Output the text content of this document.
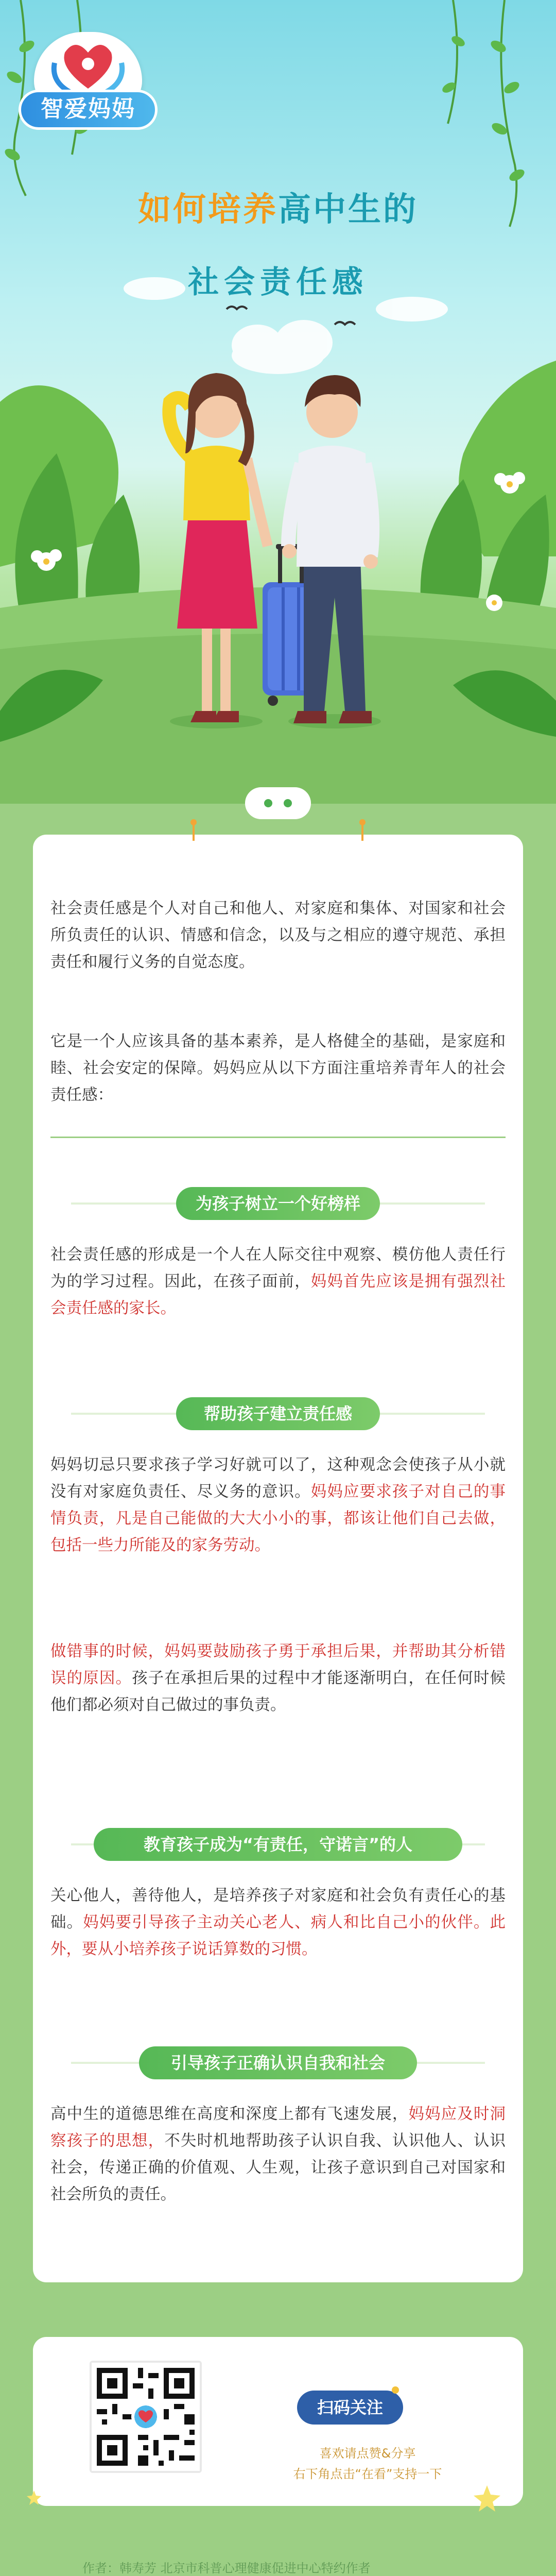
智爱妈妈
如何培养高中生的
社会责任感

社会责任感是个人对自己和他人、对家庭和集体、对国家和社会所负责任的认识、情感和信念，以及与之相应的遵守规范、承担责任和履行义务的自觉态度。

它是一个人应该具备的基本素养，是人格健全的基础，是家庭和睦、社会安定的保障。妈妈应从以下方面注重培养青年人的社会责任感：

为孩子树立一个好榜样

社会责任感的形成是一个人在人际交往中观察、模仿他人责任行为的学习过程。因此，在孩子面前，妈妈首先应该是拥有强烈社会责任感的家长。

帮助孩子建立责任感

妈妈切忌只要求孩子学习好就可以了，这种观念会使孩子从小就没有对家庭负责任、尽义务的意识。妈妈应要求孩子对自己的事情负责，凡是自己能做的大大小小的事，都该让他们自己去做，包括一些力所能及的家务劳动。

做错事的时候，妈妈要鼓励孩子勇于承担后果，并帮助其分析错误的原因。孩子在承担后果的过程中才能逐渐明白，在任何时候他们都必须对自己做过的事负责。

教育孩子成为“有责任，守诺言”的人

关心他人，善待他人，是培养孩子对家庭和社会负有责任心的基础。妈妈要引导孩子主动关心老人、病人和比自己小的伙伴。此外，要从小培养孩子说话算数的习惯。

引导孩子正确认识自我和社会

高中生的道德思维在高度和深度上都有飞速发展，妈妈应及时洞察孩子的思想，不失时机地帮助孩子认识自我、认识他人、认识社会，传递正确的价值观、人生观，让孩子意识到自己对国家和社会所负的责任。

扫码关注
喜欢请点赞&分享
右下角点击“在看”支持一下
作者：韩寿芳 北京市科普心理健康促进中心特约作者
